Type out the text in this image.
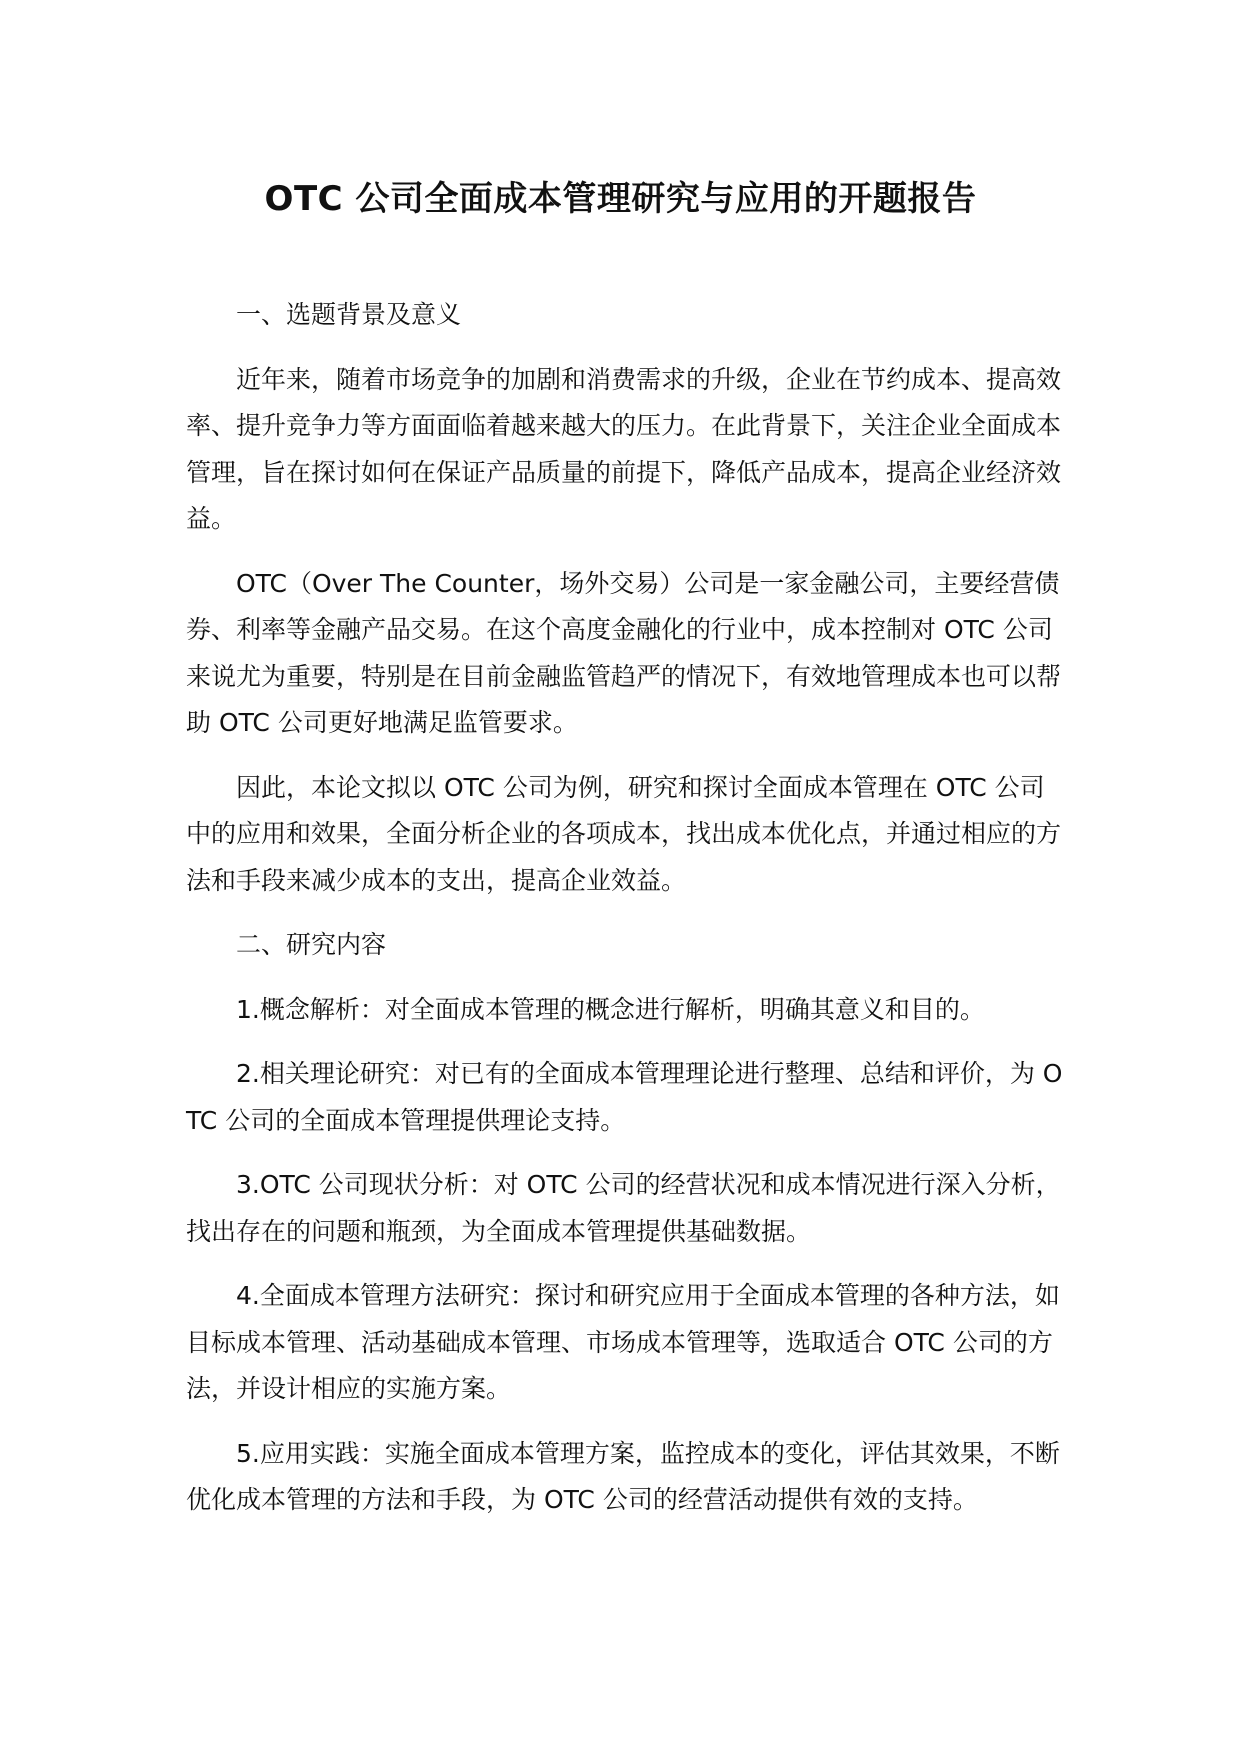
OTC 公司全面成本管理研究与应用的开题报告

一、选题背景及意义

近年来，随着市场竞争的加剧和消费需求的升级，企业在节约成本、提高效率、提升竞争力等方面面临着越来越大的压力。在此背景下，关注企业全面成本管理，旨在探讨如何在保证产品质量的前提下，降低产品成本，提高企业经济效益。

OTC（Over The Counter，场外交易）公司是一家金融公司，主要经营债券、利率等金融产品交易。在这个高度金融化的行业中，成本控制对 OTC 公司来说尤为重要，特别是在目前金融监管趋严的情况下，有效地管理成本也可以帮助 OTC 公司更好地满足监管要求。

因此，本论文拟以 OTC 公司为例，研究和探讨全面成本管理在 OTC 公司中的应用和效果，全面分析企业的各项成本，找出成本优化点，并通过相应的方法和手段来减少成本的支出，提高企业效益。

二、研究内容

1.概念解析：对全面成本管理的概念进行解析，明确其意义和目的。

2.相关理论研究：对已有的全面成本管理理论进行整理、总结和评价，为 OTC 公司的全面成本管理提供理论支持。

3.OTC 公司现状分析：对 OTC 公司的经营状况和成本情况进行深入分析，找出存在的问题和瓶颈，为全面成本管理提供基础数据。

4.全面成本管理方法研究：探讨和研究应用于全面成本管理的各种方法，如目标成本管理、活动基础成本管理、市场成本管理等，选取适合 OTC 公司的方法，并设计相应的实施方案。

5.应用实践：实施全面成本管理方案，监控成本的变化，评估其效果，不断优化成本管理的方法和手段，为 OTC 公司的经营活动提供有效的支持。
